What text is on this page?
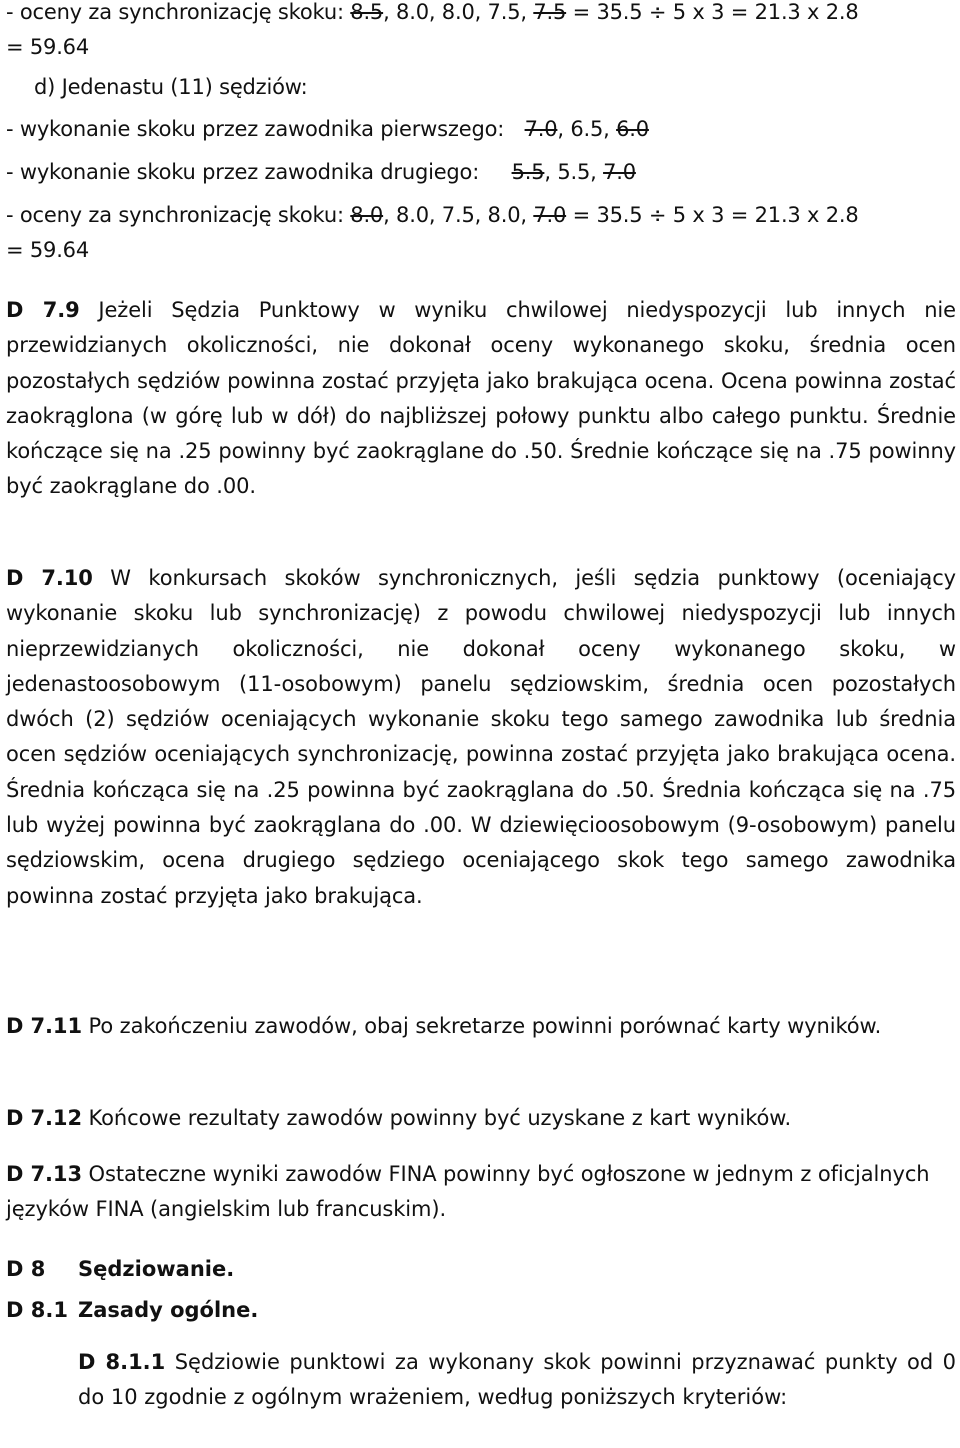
- oceny za synchronizację skoku: 8.5, 8.0, 8.0, 7.5, 7.5 = 35.5 ÷ 5 x 3 = 21.3 x 2.8
= 59.64
d) Jedenastu (11) sędziów:
- wykonanie skoku przez zawodnika pierwszego: 7.0, 6.5, 6.0
- wykonanie skoku przez zawodnika drugiego: 5.5, 5.5, 7.0
- oceny za synchronizację skoku: 8.0, 8.0, 7.5, 8.0, 7.0 = 35.5 ÷ 5 x 3 = 21.3 x 2.8
= 59.64
D 7.9 Jeżeli Sędzia Punktowy w wyniku chwilowej niedyspozycji lub innych nie przewidzianych okoliczności, nie dokonał oceny wykonanego skoku, średnia ocen pozostałych sędziów powinna zostać przyjęta jako brakująca ocena. Ocena powinna zostać zaokrąglona (w górę lub w dół) do najbliższej połowy punktu albo całego punktu. Średnie kończące się na .25 powinny być zaokrąglane do .50. Średnie kończące się na .75 powinny być zaokrąglane do .00.
D 7.10 W konkursach skoków synchronicznych, jeśli sędzia punktowy (oceniający wykonanie skoku lub synchronizację) z powodu chwilowej niedyspozycji lub innych nieprzewidzianych okoliczności, nie dokonał oceny wykonanego skoku, w jedenastoosobowym (11-osobowym) panelu sędziowskim, średnia ocen pozostałych dwóch (2) sędziów oceniających wykonanie skoku tego samego zawodnika lub średnia ocen sędziów oceniających synchronizację, powinna zostać przyjęta jako brakująca ocena. Średnia kończąca się na .25 powinna być zaokrąglana do .50. Średnia kończąca się na .75 lub wyżej powinna być zaokrąglana do .00. W dziewięcioosobowym (9-osobowym) panelu sędziowskim, ocena drugiego sędziego oceniającego skok tego samego zawodnika powinna zostać przyjęta jako brakująca.
D 7.11 Po zakończeniu zawodów, obaj sekretarze powinni porównać karty wyników.
D 7.12 Końcowe rezultaty zawodów powinny być uzyskane z kart wyników.
D 7.13 Ostateczne wyniki zawodów FINA powinny być ogłoszone w jednym z oficjalnych języków FINA (angielskim lub francuskim).
D 8 Sędziowanie.
D 8.1 Zasady ogólne.
D 8.1.1 Sędziowie punktowi za wykonany skok powinni przyznawać punkty od 0 do 10 zgodnie z ogólnym wrażeniem, według poniższych kryteriów:
